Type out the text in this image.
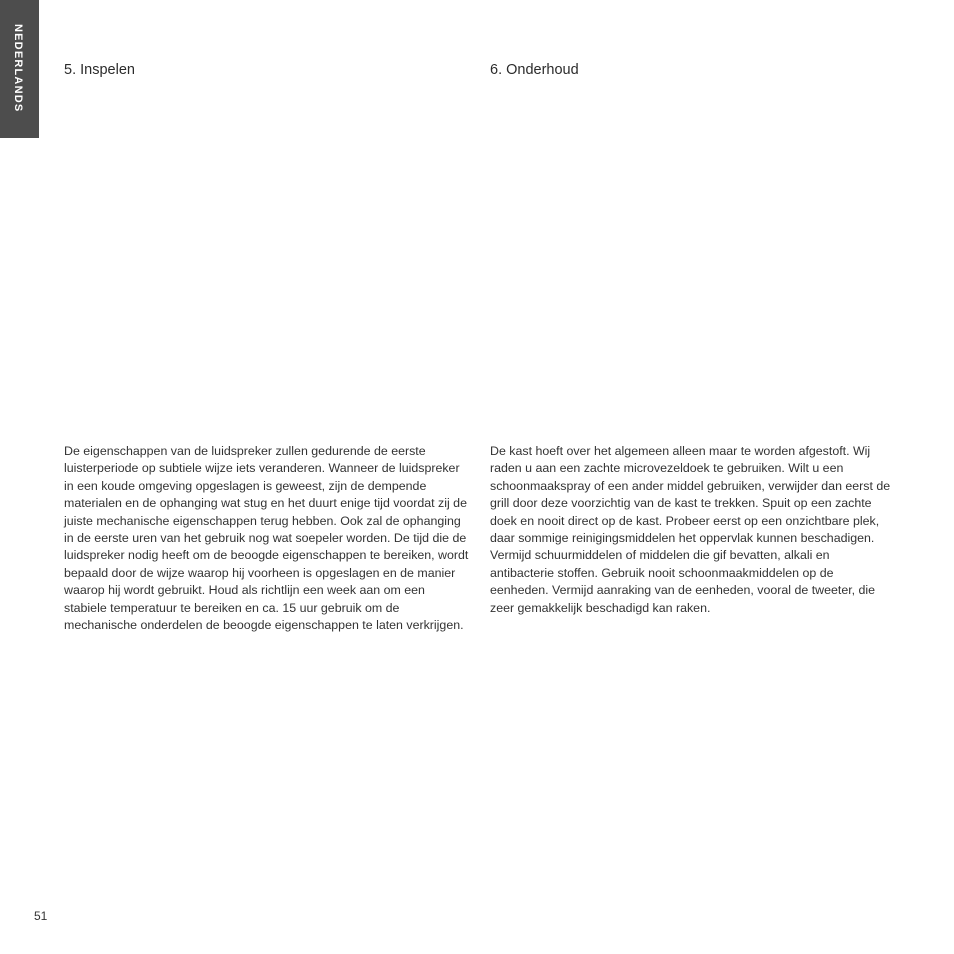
NEDERLANDS	5. Inspelen	6. Onderhoud

De eigenschappen van de luidspreker zullen gedurende de eerste luisterperiode op subtiele wijze iets veranderen. Wanneer de luidspreker in een koude omgeving opgeslagen is geweest, zijn de dempende materialen en de ophanging wat stug en het duurt enige tijd voordat zij de juiste mechanische eigenschappen terug hebben. Ook zal de ophanging in de eerste uren van het gebruik nog wat soepeler worden. De tijd die de luidspreker nodig heeft om de beoogde eigenschappen te bereiken, wordt bepaald door de wijze waarop hij voorheen is opgeslagen en de manier waarop hij wordt gebruikt. Houd als richtlijn een week aan om een stabiele temperatuur te bereiken en ca. 15 uur gebruik om de mechanische onderdelen de beoogde eigenschappen te laten verkrijgen.

De kast hoeft over het algemeen alleen maar te worden afgestoft. Wij raden u aan een zachte microvezeldoek te gebruiken. Wilt u een schoonmaakspray of een ander middel gebruiken, verwijder dan eerst de grill door deze voorzichtig van de kast te trekken. Spuit op een zachte doek en nooit direct op de kast. Probeer eerst op een onzichtbare plek, daar sommige reinigingsmiddelen het oppervlak kunnen beschadigen. Vermijd schuurmiddelen of middelen die gif bevatten, alkali en antibacterie stoffen. Gebruik nooit schoonmaakmiddelen op de eenheden. Vermijd aanraking van de eenheden, vooral de tweeter, die zeer gemakkelijk beschadigd kan raken.

51
